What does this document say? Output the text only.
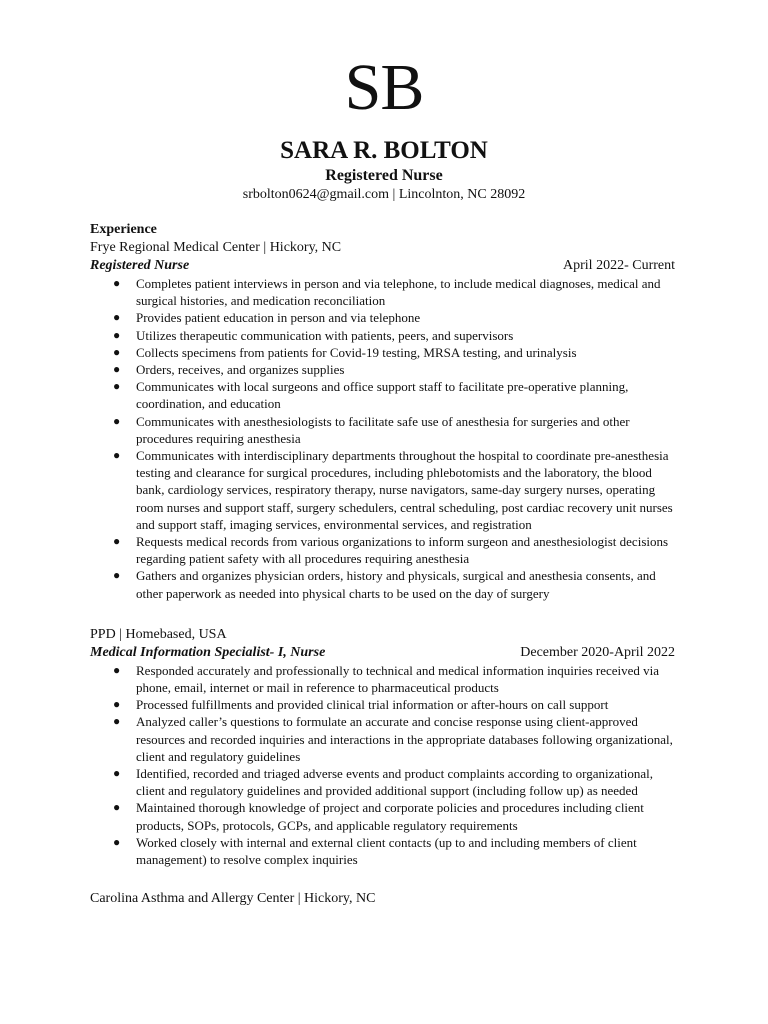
SB
SARA R. BOLTON
Registered Nurse
srbolton0624@gmail.com | Lincolnton, NC 28092
Experience
Frye Regional Medical Center | Hickory, NC
Registered Nurse	April 2022- Current
● Completes patient interviews in person and via telephone, to include medical diagnoses, medical and surgical histories, and medication reconciliation
● Provides patient education in person and via telephone
● Utilizes therapeutic communication with patients, peers, and supervisors
● Collects specimens from patients for Covid-19 testing, MRSA testing, and urinalysis
● Orders, receives, and organizes supplies
● Communicates with local surgeons and office support staff to facilitate pre-operative planning, coordination, and education
● Communicates with anesthesiologists to facilitate safe use of anesthesia for surgeries and other procedures requiring anesthesia
● Communicates with interdisciplinary departments throughout the hospital to coordinate pre-anesthesia testing and clearance for surgical procedures, including phlebotomists and the laboratory, the blood bank, cardiology services, respiratory therapy, nurse navigators, same-day surgery nurses, operating room nurses and support staff, surgery schedulers, central scheduling, post cardiac recovery unit nurses and support staff, imaging services, environmental services, and registration
● Requests medical records from various organizations to inform surgeon and anesthesiologist decisions regarding patient safety with all procedures requiring anesthesia
● Gathers and organizes physician orders, history and physicals, surgical and anesthesia consents, and other paperwork as needed into physical charts to be used on the day of surgery
PPD | Homebased, USA
Medical Information Specialist- I, Nurse	December 2020-April 2022
● Responded accurately and professionally to technical and medical information inquiries received via phone, email, internet or mail in reference to pharmaceutical products
● Processed fulfillments and provided clinical trial information or after-hours on call support
● Analyzed caller’s questions to formulate an accurate and concise response using client-approved resources and recorded inquiries and interactions in the appropriate databases following organizational, client and regulatory guidelines
● Identified, recorded and triaged adverse events and product complaints according to organizational, client and regulatory guidelines and provided additional support (including follow up) as needed
● Maintained thorough knowledge of project and corporate policies and procedures including client products, SOPs, protocols, GCPs, and applicable regulatory requirements
● Worked closely with internal and external client contacts (up to and including members of client management) to resolve complex inquiries
Carolina Asthma and Allergy Center | Hickory, NC
